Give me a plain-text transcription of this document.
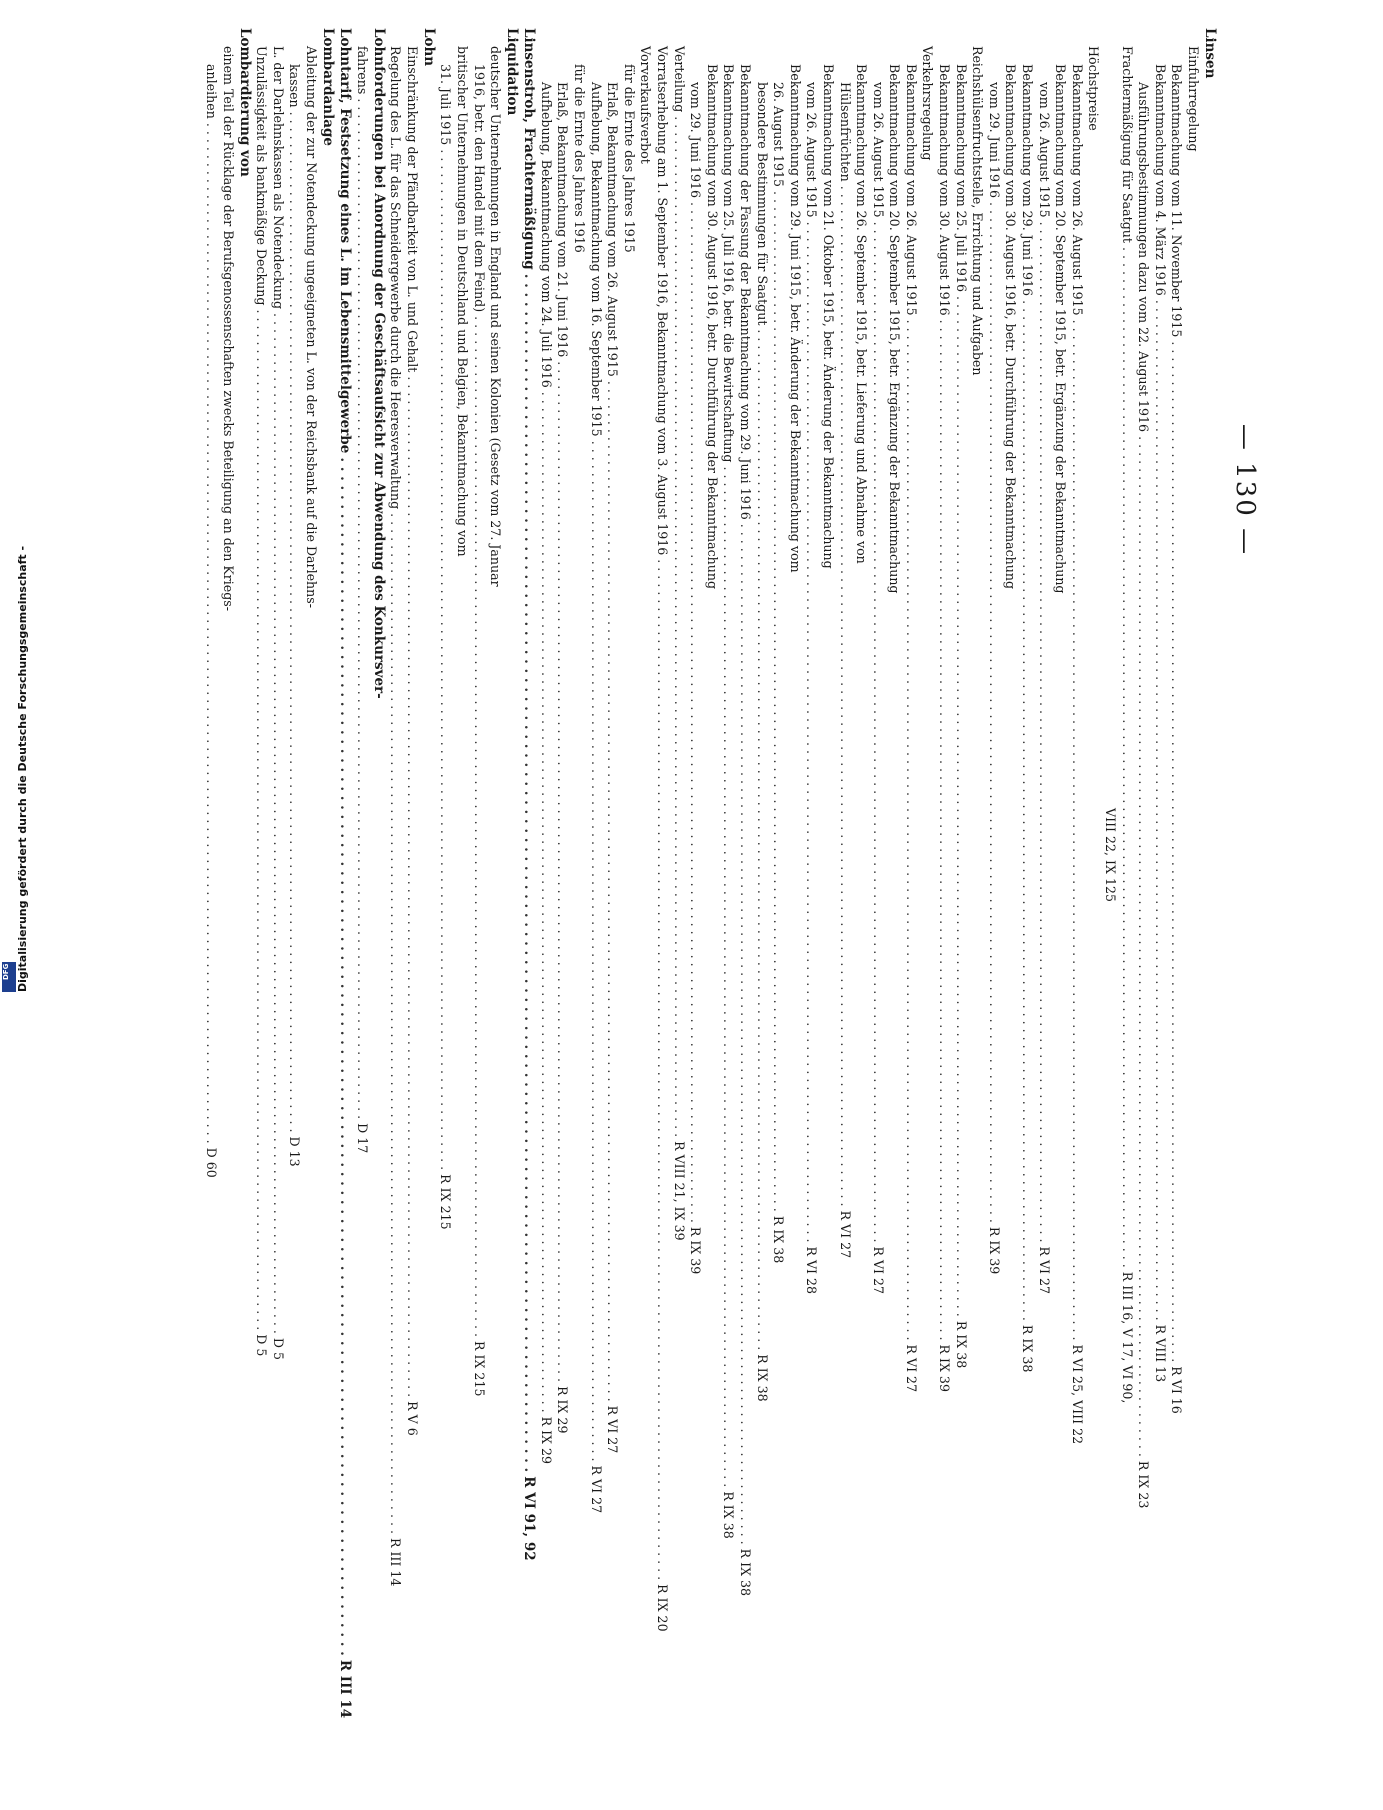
— 130 —
Linsen
Einfuhrregelung
Bekanntmachung vom 11. November 1915
. . .
R VI 16
Bekanntmachung vom 4. März 1916
. . .
R VIII 13
Ausführungsbestimmungen dazu vom 22. August 1916
. . .
R IX 23
Frachtermäßigung für Saatgut
. . .
R III 16, V 17, VI 90,
VIII 22, IX 125
Höchstpreise
Bekanntmachung vom 26. August 1915
. . .
R VI 25, VIII 22
Bekanntmachung vom 20. September 1915, betr. Ergänzung der Bekanntmachung
vom 26. August 1915
. . .
R VI 27
Bekanntmachung vom 29. Juni 1916
. . .
R IX 38
Bekanntmachung vom 30. August 1916, betr. Durchführung der Bekanntmachung
vom 29. Juni 1916
. . .
R IX 39
Reichshülsenfruchtstelle, Errichtung und Aufgaben
Bekanntmachung vom 25. Juli 1916
. . .
R IX 38
Bekanntmachung vom 30. August 1916
. . .
R IX 39
Verkehrsregelung
Bekanntmachung vom 26. August 1915
. . .
R VI 27
Bekanntmachung vom 20. September 1915, betr. Ergänzung der Bekanntmachung
vom 26. August 1915
. . .
R VI 27
Bekanntmachung vom 26. September 1915, betr. Lieferung und Abnahme von
Hülsenfrüchten
. . .
R VI 27
Bekanntmachung vom 21. Oktober 1915, betr. Änderung der Bekanntmachung
vom 26. August 1915
. . .
R VI 28
Bekanntmachung vom 29. Juni 1915, betr. Änderung der Bekanntmachung vom
26. August 1915
. . .
R IX 38
besondere Bestimmungen für Saatgut
. . .
R IX 38
Bekanntmachung der Fassung der Bekanntmachung vom 29. Juni 1916
. . .
R IX 38
Bekanntmachung vom 25. Juli 1916, betr. die Bewirtschaftung
. . .
R IX 38
Bekanntmachung vom 30. August 1916, betr. Durchführung der Bekanntmachung
vom 29. Juni 1916
. . .
R IX 39
Verteilung
. . .
R VIII 21, IX 39
Vorratserhebung am 1. September 1916, Bekanntmachung vom 3. August 1916
. . .
R IX 20
Vorverkaufsverbot
für die Ernte des Jahres 1915
Erlaß, Bekanntmachung vom 26. August 1915
. . .
R VI 27
Aufhebung, Bekanntmachung vom 16. September 1915
. . .
R VI 27
für die Ernte des Jahres 1916
Erlaß, Bekanntmachung vom 21. Juni 1916
. . .
R IX 29
Aufhebung, Bekanntmachung vom 24. Juli 1916
. . .
R IX 29
Linsenstroh, Frachtermäßigung
. . .
R VI 91, 92
Liquidation
deutscher Unternehmungen in England und seinen Kolonien (Gesetz vom 27. Januar
1916, betr. den Handel mit dem Feind)
. . .
R IX 215
britischer Unternehmungen in Deutschland und Belgien, Bekanntmachung vom
31. Juli 1915
. . .
R IX 215
Lohn
Einschränkung der Pfändbarkeit von L. und Gehalt
. . .
R V 6
Regelung des L. für das Schneidergewerbe durch die Heeresverwaltung
. . .
R III 14
Lohnforderungen bei Anordnung der Geschäftsaufsicht zur Abwendung des Konkursver-
fahrens
. . .
D 17
Lohntarif, Festsetzung eines L. im Lebensmittelgewerbe
. . .
R III 14
Lombardanlage
Ableitung der zur Notendeckung ungeeigneten L. von der Reichsbank auf die Darlehns-
kassen
. . .
D 13
L. der Darlehnskassen als Notendeckung
. . .
D 5
Unzulässigkeit als bankmäßige Deckung
. . .
D 5
Lombardierung von
einem Teil der Rücklage der Berufsgenossenschaften zwecks Beteiligung an den Kriegs-
anleihen
. . .
D 60
Digitalisierung gefördert durch die Deutsche Forschungsgemeinschaft -
DFG
